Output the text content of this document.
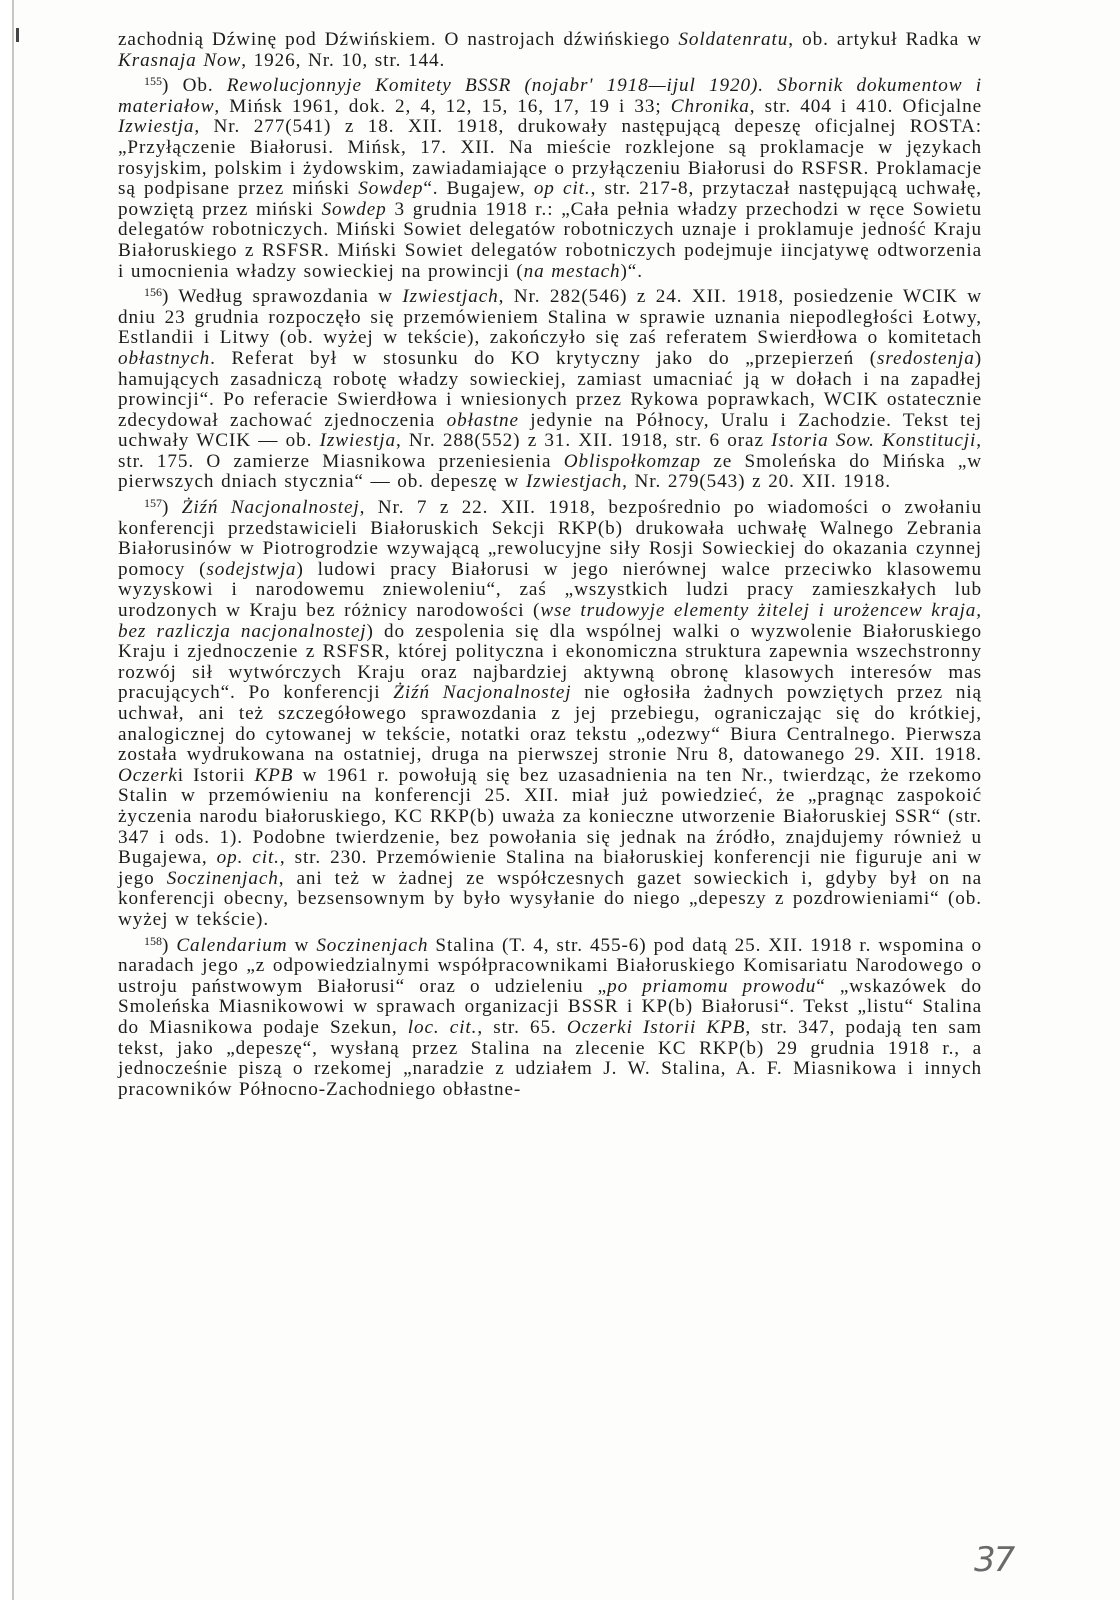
zachodnią Dźwinę pod Dźwińskiem. O nastrojach dźwińskiego Soldatenratu, ob. artykuł Radka w Krasnaja Now, 1926, Nr. 10, str. 144.

$^{155}$) Ob. Rewolucjonnyje Komitety BSSR (nojabr' 1918—ijul 1920). Sbornik dokumentow i materiałow, Mińsk 1961, dok. 2, 4, 12, 15, 16, 17, 19 i 33; Chronika, str. 404 i 410. Oficjalne Izwiestja, Nr. 277(541) z 18. XII. 1918, drukowały następującą depeszę oficjalnej ROSTA: „Przyłączenie Białorusi. Mińsk, 17. XII. Na mieście rozklejone są proklamacje w językach rosyjskim, polskim i żydowskim, zawiadamiające o przyłączeniu Białorusi do RSFSR. Proklamacje są podpisane przez miński Sowdep“. Bugajew, op cit., str. 217-8, przytaczał następującą uchwałę, powziętą przez miński Sowdep 3 grudnia 1918 r.: „Cała pełnia władzy przechodzi w ręce Sowietu delegatów robotniczych. Miński Sowiet delegatów robotniczych uznaje i proklamuje jedność Kraju Białoruskiego z RSFSR. Miński Sowiet delegatów robotniczych podejmuje iincjatywę odtworzenia i umocnienia władzy sowieckiej na prowincji (na mestach)“.

$^{156}$) Według sprawozdania w Izwiestjach, Nr. 282(546) z 24. XII. 1918, posiedzenie WCIK w dniu 23 grudnia rozpoczęło się przemówieniem Stalina w sprawie uznania niepodległości Łotwy, Estlandii i Litwy (ob. wyżej w tekście), zakończyło się zaś referatem Swierdłowa o komitetach obłastnych. Referat był w stosunku do KO krytyczny jako do „przepierzeń (sredostenja) hamujących zasadniczą robotę władzy sowieckiej, zamiast umacniać ją w dołach i na zapadłej prowincji“. Po referacie Swierdłowa i wniesionych przez Rykowa poprawkach, WCIK ostatecznie zdecydował zachować zjednoczenia obłastne jedynie na Północy, Uralu i Zachodzie. Tekst tej uchwały WCIK — ob. Izwiestja, Nr. 288(552) z 31. XII. 1918, str. 6 oraz Istoria Sow. Konstitucji, str. 175. O zamierze Miasnikowa przeniesienia Oblispołkomzap ze Smoleńska do Mińska „w pierwszych dniach stycznia“ — ob. depeszę w Izwiestjach, Nr. 279(543) z 20. XII. 1918.

$^{157}$) Żiźń Nacjonalnostej, Nr. 7 z 22. XII. 1918, bezpośrednio po wiadomości o zwołaniu konferencji przedstawicieli Białoruskich Sekcji RKP(b) drukowała uchwałę Walnego Zebrania Białorusinów w Piotrogrodzie wzywającą „rewolucyjne siły Rosji Sowieckiej do okazania czynnej pomocy (sodejstwja) ludowi pracy Białorusi w jego nierównej walce przeciwko klasowemu wyzyskowi i narodowemu zniewoleniu“, zaś „wszystkich ludzi pracy zamieszkałych lub urodzonych w Kraju bez różnicy narodowości (wse trudowyje elementy żitelej i urożencew kraja, bez razliczja nacjonalnostej) do zespolenia się dla wspólnej walki o wyzwolenie Białoruskiego Kraju i zjednoczenie z RSFSR, której polityczna i ekonomiczna struktura zapewnia wszechstronny rozwój sił wytwórczych Kraju oraz najbardziej aktywną obronę klasowych interesów mas pracujących“. Po konferencji Żiźń Nacjonalnostej nie ogłosiła żadnych powziętych przez nią uchwał, ani też szczegółowego sprawozdania z jej przebiegu, ograniczając się do krótkiej, analogicznej do cytowanej w tekście, notatki oraz tekstu „odezwy“ Biura Centralnego. Pierwsza została wydrukowana na ostatniej, druga na pierwszej stronie Nru 8, datowanego 29. XII. 1918. Oczerki Istorii KPB w 1961 r. powołują się bez uzasadnienia na ten Nr., twierdząc, że rzekomo Stalin w przemówieniu na konferencji 25. XII. miał już powiedzieć, że „pragnąc zaspokoić życzenia narodu białoruskiego, KC RKP(b) uważa za konieczne utworzenie Białoruskiej SSR“ (str. 347 i ods. 1). Podobne twierdzenie, bez powołania się jednak na źródło, znajdujemy również u Bugajewa, op. cit., str. 230. Przemówienie Stalina na białoruskiej konferencji nie figuruje ani w jego Soczinenjach, ani też w żadnej ze współczesnych gazet sowieckich i, gdyby był on na konferencji obecny, bezsensownym by było wysyłanie do niego „depeszy z pozdrowieniami“ (ob. wyżej w tekście).

$^{158}$) Calendarium w Soczinenjach Stalina (T. 4, str. 455-6) pod datą 25. XII. 1918 r. wspomina o naradach jego „z odpowiedzialnymi współpracownikami Białoruskiego Komisariatu Narodowego o ustroju państwowym Białorusi“ oraz o udzieleniu „po priamomu prowodu“ „wskazówek do Smoleńska Miasnikowowi w sprawach organizacji BSSR i KP(b) Białorusi“. Tekst „listu“ Stalina do Miasnikowa podaje Szekun, loc. cit., str. 65. Oczerki Istorii KPB, str. 347, podają ten sam tekst, jako „depeszę“, wysłaną przez Stalina na zlecenie KC RKP(b) 29 grudnia 1918 r., a jednocześnie piszą o rzekomej „naradzie z udziałem J. W. Stalina, A. F. Miasnikowa i innych pracowników Północno-Zachodniego obłastne-

37
